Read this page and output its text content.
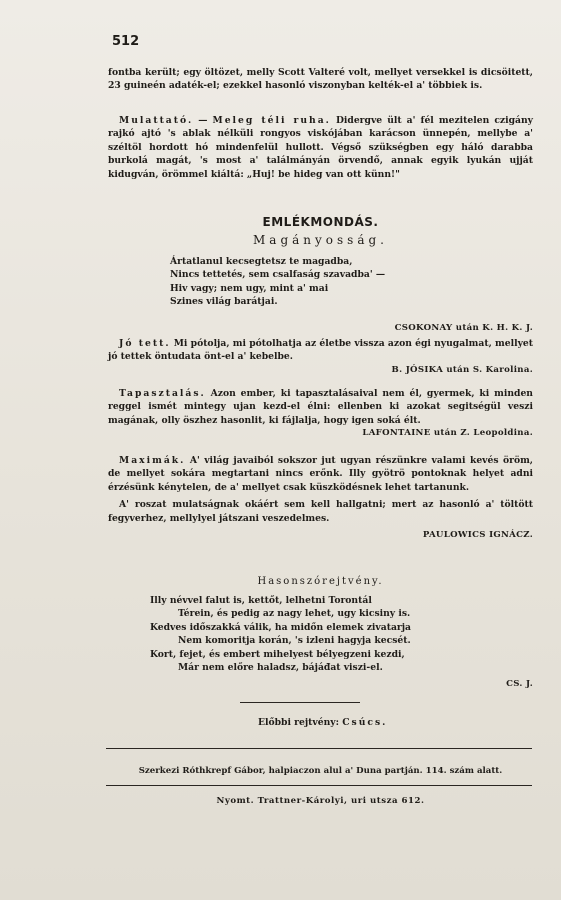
512

fontba került; egy öltözet, melly Scott Valteré volt, mellyet versekkel is dicsöitett, 23 guineén adaték-el; ezekkel hasonló viszonyban kelték-el a' többiek is.

Mulattató. — Meleg téli ruha. Didergve ült a' fél mezitelen czigány rajkó ajtó 's ablak nélküli rongyos viskójában karácson ünnepén, mellybe a' széltöl hordott hó mindenfelül hullott. Végső szükségben egy háló darabba burkolá magát, 's most a' találmányán örvendő, annak egyik lyukán ujját kidugván, örömmel kiáltá: „Huj! be hideg van ott künn!"

EMLÉKMONDÁS.
Magányosság.
Ártatlanul kecsegtetsz te magadba,
Nincs tettetés, sem csalfaság szavadba' —
Hiv vagy; nem ugy, mint a' mai
Szines világ barátjai.
CSOKONAY után K. H. K. J.

Jó tett. Mi pótolja, mi pótolhatja az életbe vissza azon égi nyugalmat, mellyet jó tettek öntudata önt-el a' kebelbe.

B. JÓSIKA után S. Karolina.

Tapasztalás. Azon ember, ki tapasztalásaival nem él, gyermek, ki minden reggel ismét mintegy ujan kezd-el élni: ellenben ki azokat segitségül veszi magának, olly öszhez hasonlit, ki fájlalja, hogy igen soká élt.

LAFONTAINE után Z. Leopoldina.

Maximák. A' világ javaiból sokszor jut ugyan részünkre valami kevés öröm, de mellyet sokára megtartani nincs erőnk. Illy gyötrö pontoknak helyet adni érzésünk kénytelen, de a' mellyet csak küszködésnek lehet tartanunk.

A' roszat mulatságnak okáért sem kell hallgatni; mert az hasonló a' töltött fegyverhez, mellylyel játszani veszedelmes.

PAULOWICS IGNÁCZ.
Hasonszórejtvény.
Illy névvel falut is, kettőt, lelhetni Torontál
Térein, és pedig az nagy lehet, ugy kicsiny is.
Kedves időszakká válik, ha midőn elemek zivatarja
Nem komoritja korán, 's izleni hagyja kecsét.
Kort, fejet, és embert mihelyest bélyegzeni kezdi,
Már nem előre haladsz, bájáđat viszi-el.
CS. J.
Előbbi rejtvény: Csúcs.
Szerkezi Róthkrepf Gábor, halpiaczon alul a' Duna partján. 114. szám alatt.
Nyomt. Trattner-Károlyi, uri utsza 612.
